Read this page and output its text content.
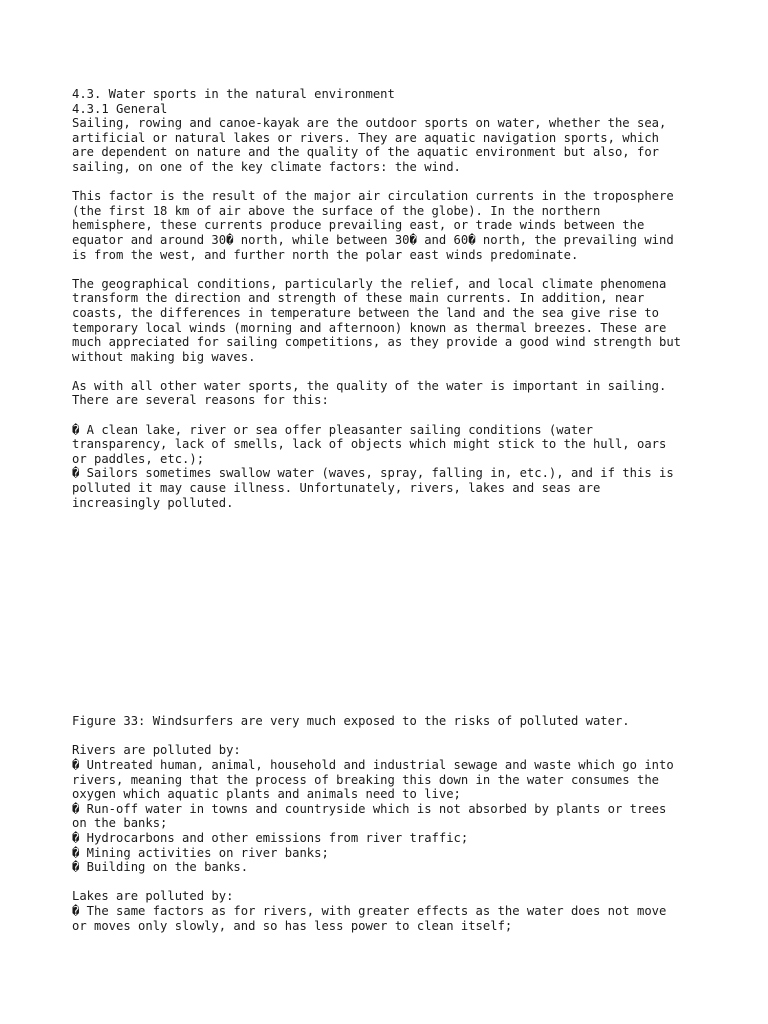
4.3. Water sports in the natural environment
4.3.1 General
Sailing, rowing and canoe-kayak are the outdoor sports on water, whether the sea,
artificial or natural lakes or rivers. They are aquatic navigation sports, which
are dependent on nature and the quality of the aquatic environment but also, for
sailing, on one of the key climate factors: the wind.
This factor is the result of the major air circulation currents in the troposphere
(the first 18 km of air above the surface of the globe). In the northern
hemisphere, these currents produce prevailing east, or trade winds between the
equator and around 30� north, while between 30� and 60� north, the prevailing wind
is from the west, and further north the polar east winds predominate.
The geographical conditions, particularly the relief, and local climate phenomena
transform the direction and strength of these main currents. In addition, near
coasts, the differences in temperature between the land and the sea give rise to
temporary local winds (morning and afternoon) known as thermal breezes. These are
much appreciated for sailing competitions, as they provide a good wind strength but
without making big waves.
As with all other water sports, the quality of the water is important in sailing.
There are several reasons for this:
� A clean lake, river or sea offer pleasanter sailing conditions (water
transparency, lack of smells, lack of objects which might stick to the hull, oars
or paddles, etc.);
� Sailors sometimes swallow water (waves, spray, falling in, etc.), and if this is
polluted it may cause illness. Unfortunately, rivers, lakes and seas are
increasingly polluted.
Figure 33: Windsurfers are very much exposed to the risks of polluted water.
Rivers are polluted by:
� Untreated human, animal, household and industrial sewage and waste which go into
rivers, meaning that the process of breaking this down in the water consumes the
oxygen which aquatic plants and animals need to live;
� Run-off water in towns and countryside which is not absorbed by plants or trees
on the banks;
� Hydrocarbons and other emissions from river traffic;
� Mining activities on river banks;
� Building on the banks.
Lakes are polluted by:
� The same factors as for rivers, with greater effects as the water does not move
or moves only slowly, and so has less power to clean itself;
